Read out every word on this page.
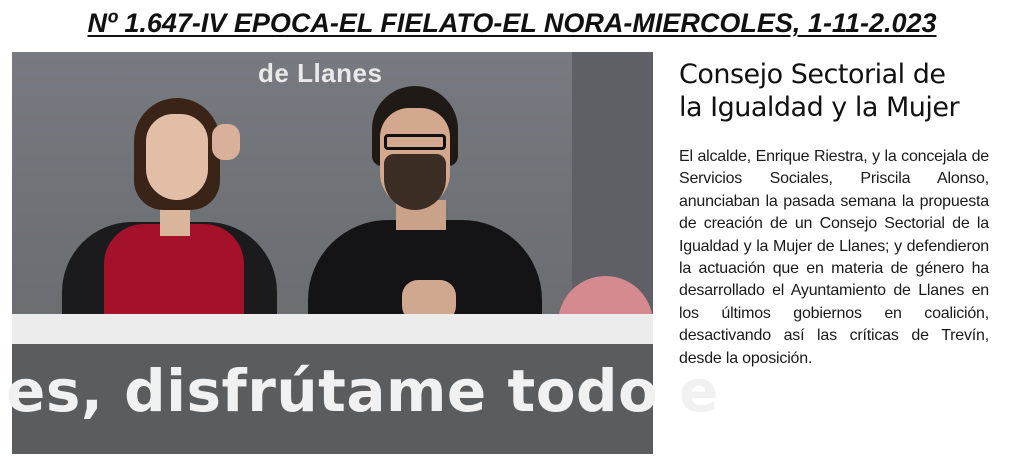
Nº 1.647-IV EPOCA-EL FIELATO-EL NORA-MIERCOLES, 1-11-2.023
de Llanes
es, disfrútame todo e
Consejo Sectorial de
la Igualdad y la Mujer
El alcalde, Enrique Riestra, y la concejala de Servicios Sociales, Priscila Alonso, anunciaban la pasada semana la propuesta de creación de un Consejo Sectorial de la Igualdad y la Mujer de Llanes; y defendieron la actuación que en materia de género ha desarrollado el Ayuntamiento de Llanes en los últimos gobiernos en coalición, desactivando así las críticas de Trevín, desde la oposición.
